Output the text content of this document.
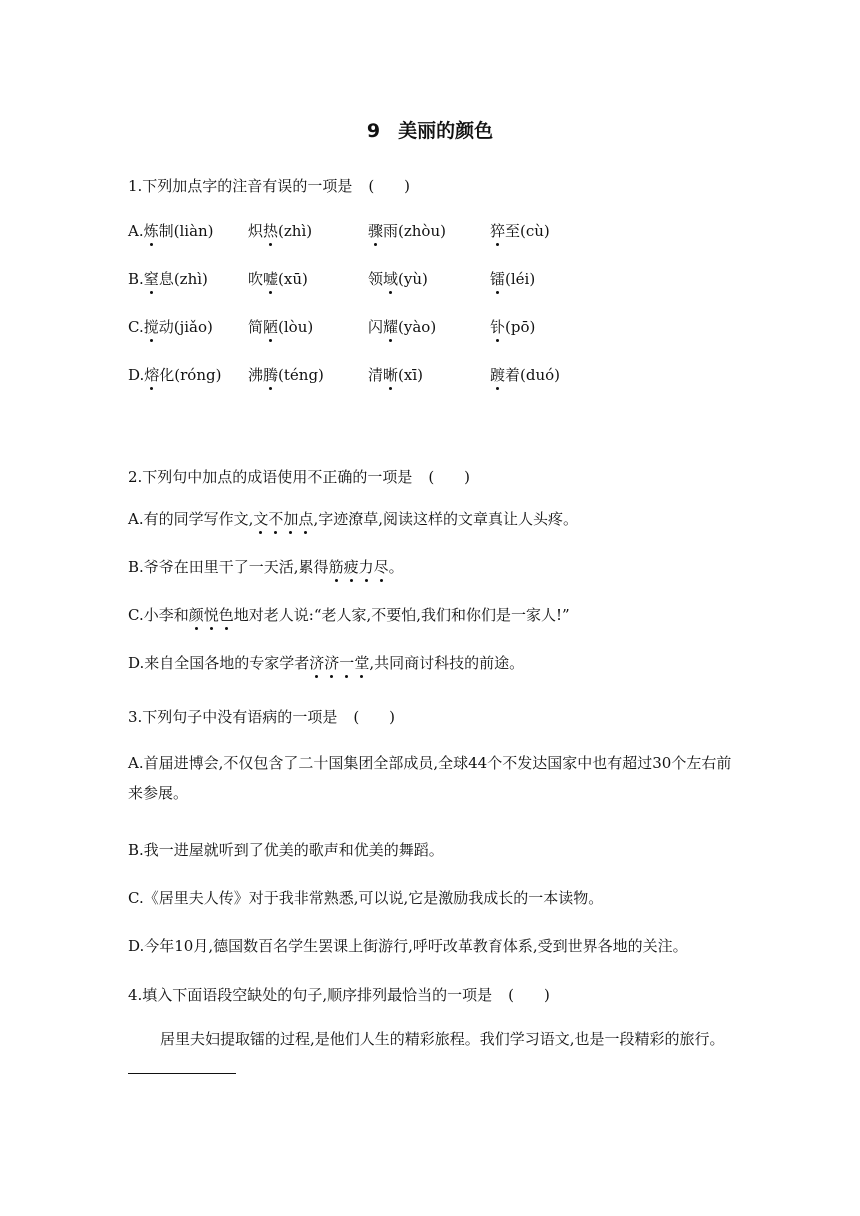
9 美丽的颜色
1.下列加点字的注音有误的一项是 (　　)
A.炼制(liàn) 炽热(zhì)	骤雨(zhòu)	猝至(cù)
B.窒息(zhì)	吹嘘(xū)	领域(yù)	镭(léi)
C.搅动(jiǎo) 简陋(lòu)	闪耀(yào)	钋(pō)
D.熔化(róng) 沸腾(téng)	清晰(xī)	踱着(duó)
2.下列句中加点的成语使用不正确的一项是 (　　)
A.有的同学写作文,文不加点,字迹潦草,阅读这样的文章真让人头疼。
B.爷爷在田里干了一天活,累得筋疲力尽。
C.小李和颜悦色地对老人说:“老人家,不要怕,我们和你们是一家人!”
D.来自全国各地的专家学者济济一堂,共同商讨科技的前途。
3.下列句子中没有语病的一项是 (　　)
A.首届进博会,不仅包含了二十国集团全部成员,全球44个不发达国家中也有超过30个左右前来参展。
B.我一进屋就听到了优美的歌声和优美的舞蹈。
C.《居里夫人传》对于我非常熟悉,可以说,它是激励我成长的一本读物。
D.今年10月,德国数百名学生罢课上街游行,呼吁改革教育体系,受到世界各地的关注。
4.填入下面语段空缺处的句子,顺序排列最恰当的一项是 (　　)
居里夫妇提取镭的过程,是他们人生的精彩旅程。我们学习语文,也是一段精彩的旅行。
